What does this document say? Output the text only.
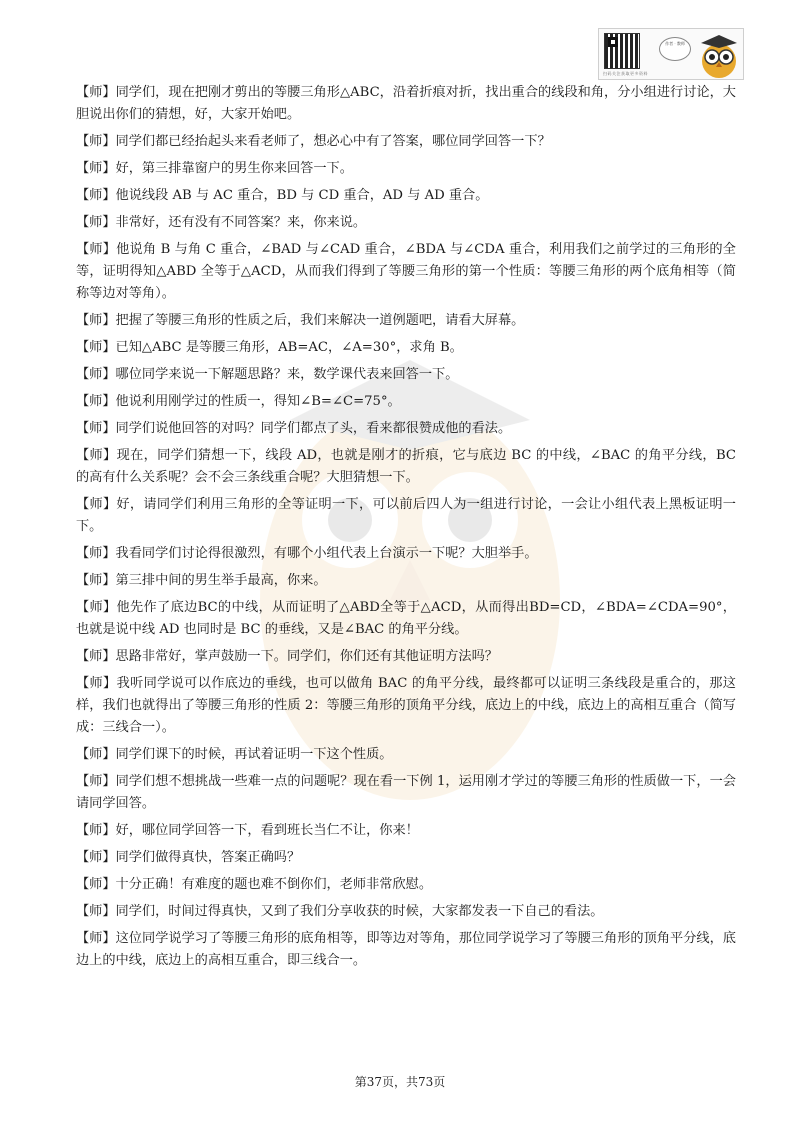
扫码关注获取更多资料
作者 · 教师

【师】同学们，现在把刚才剪出的等腰三角形△ABC，沿着折痕对折，找出重合的线段和角，分小组进行讨论，大胆说出你们的猜想，好，大家开始吧。

【师】同学们都已经抬起头来看老师了，想必心中有了答案，哪位同学回答一下？

【师】好，第三排靠窗户的男生你来回答一下。

【师】他说线段 AB 与 AC 重合，BD 与 CD 重合，AD 与 AD 重合。

【师】非常好，还有没有不同答案？来，你来说。

【师】他说角 B 与角 C 重合，∠BAD 与∠CAD 重合，∠BDA 与∠CDA 重合，利用我们之前学过的三角形的全等，证明得知△ABD 全等于△ACD，从而我们得到了等腰三角形的第一个性质：等腰三角形的两个底角相等（简称等边对等角）。

【师】把握了等腰三角形的性质之后，我们来解决一道例题吧，请看大屏幕。

【师】已知△ABC 是等腰三角形，AB=AC，∠A=30°，求角 B。

【师】哪位同学来说一下解题思路？来，数学课代表来回答一下。

【师】他说利用刚学过的性质一，得知∠B=∠C=75°。

【师】同学们说他回答的对吗？同学们都点了头，看来都很赞成他的看法。

【师】现在，同学们猜想一下，线段 AD，也就是刚才的折痕，它与底边 BC 的中线，∠BAC 的角平分线，BC 的高有什么关系呢？会不会三条线重合呢？大胆猜想一下。

【师】好，请同学们利用三角形的全等证明一下，可以前后四人为一组进行讨论，一会让小组代表上黑板证明一下。

【师】我看同学们讨论得很激烈，有哪个小组代表上台演示一下呢？大胆举手。

【师】第三排中间的男生举手最高，你来。

【师】他先作了底边BC的中线，从而证明了△ABD全等于△ACD，从而得出BD=CD，∠BDA=∠CDA=90°，也就是说中线 AD 也同时是 BC 的垂线，又是∠BAC 的角平分线。

【师】思路非常好，掌声鼓励一下。同学们，你们还有其他证明方法吗？

【师】我听同学说可以作底边的垂线，也可以做角 BAC 的角平分线，最终都可以证明三条线段是重合的，那这样，我们也就得出了等腰三角形的性质 2：等腰三角形的顶角平分线，底边上的中线，底边上的高相互重合（简写成：三线合一）。

【师】同学们课下的时候，再试着证明一下这个性质。

【师】同学们想不想挑战一些难一点的问题呢？现在看一下例 1，运用刚才学过的等腰三角形的性质做一下，一会请同学回答。

【师】好，哪位同学回答一下，看到班长当仁不让，你来！

【师】同学们做得真快，答案正确吗？

【师】十分正确！有难度的题也难不倒你们，老师非常欣慰。

【师】同学们，时间过得真快，又到了我们分享收获的时候，大家都发表一下自己的看法。

【师】这位同学说学习了等腰三角形的底角相等，即等边对等角，那位同学说学习了等腰三角形的顶角平分线，底边上的中线，底边上的高相互重合，即三线合一。

第37页，共73页
